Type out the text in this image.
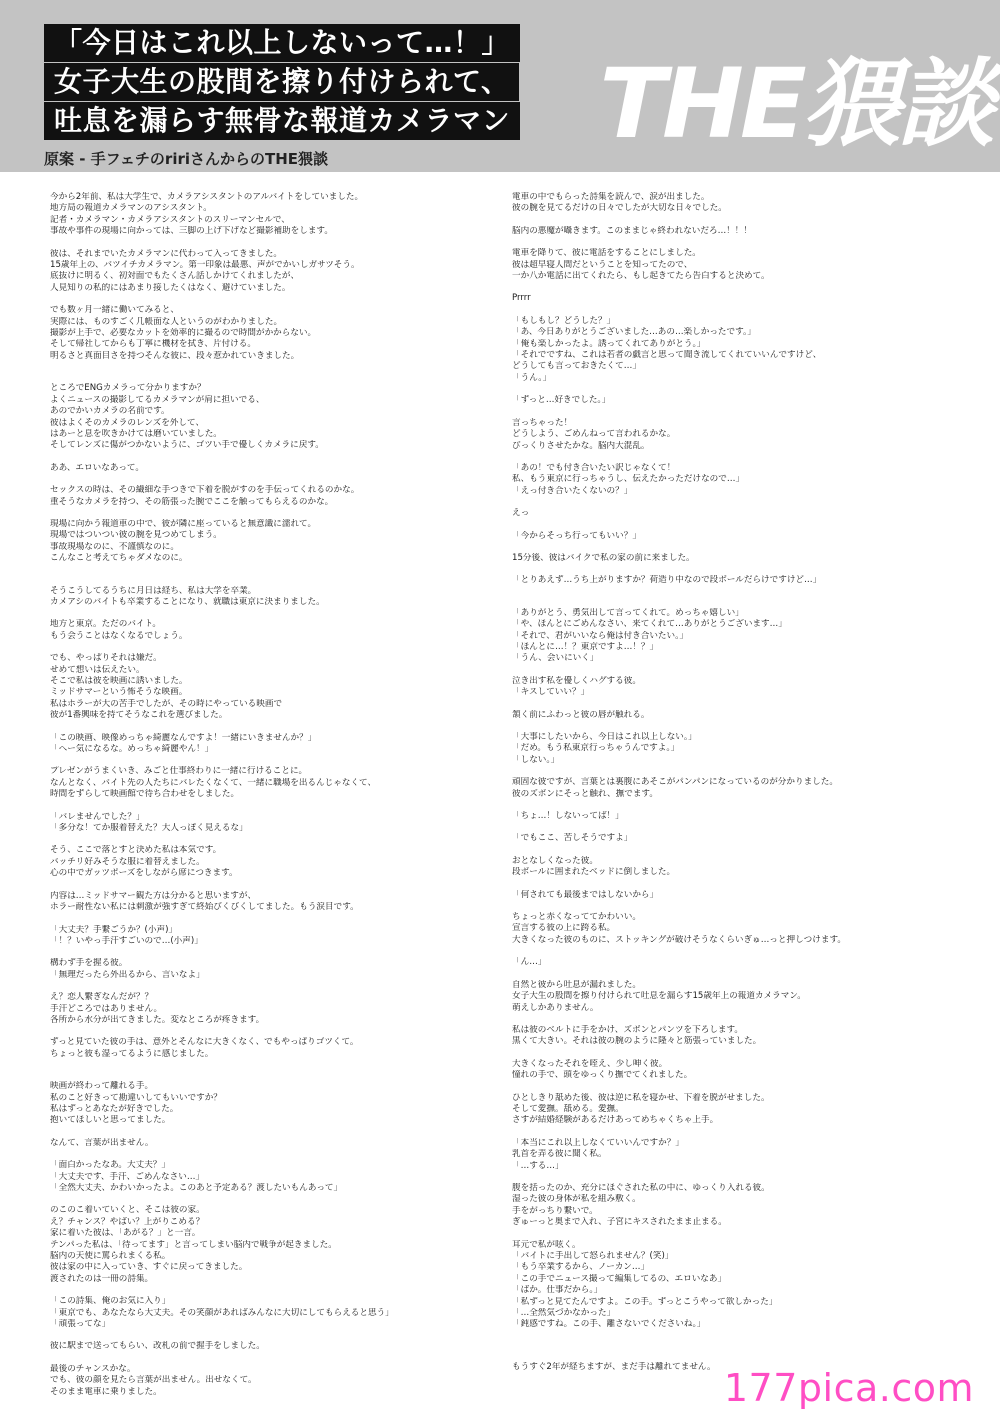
「今日はこれ以上しないって…！」
女子大生の股間を擦り付けられて、
吐息を漏らす無骨な報道カメラマン
原案 - 手フェチのririさんからのTHE猥談	THE猥談
今から2年前、私は大学生で、カメラアシスタントのアルバイトをしていました。
地方局の報道カメラマンのアシスタント。
記者・カメラマン・カメラアシスタントのスリーマンセルで、
事故や事件の現場に向かっては、三脚の上げ下げなど撮影補助をします。
彼は、それまでいたカメラマンに代わって入ってきました。
15歳年上の、バツイチカメラマン。第一印象は最悪、声がでかいしガサツそう。
底抜けに明るく、初対面でもたくさん話しかけてくれましたが、
人見知りの私的にはあまり接したくはなく、避けていました。
でも数ヶ月一緒に働いてみると、
実際には、ものすごく几帳面な人というのがわかりました。
撮影が上手で、必要なカットを効率的に撮るので時間がかからない。
そして帰社してからも丁寧に機材を拭き、片付ける。
明るさと真面目さを持つそんな彼に、段々惹かれていきました。
ところでENGカメラって分かりますか？
よくニュースの撮影してるカメラマンが肩に担いでる、
あのでかいカメラの名前です。
彼はよくそのカメラのレンズを外して、
はあーと息を吹きかけては磨いていました。
そしてレンズに傷がつかないように、ゴツい手で優しくカメラに戻す。
ああ、エロいなあって。
セックスの時は、その繊細な手つきで下着を脱がすのを手伝ってくれるのかな。
重そうなカメラを持つ、その筋張った腕でここを触ってもらえるのかな。
現場に向かう報道車の中で、彼が隣に座っていると無意識に濡れて。
現場ではついつい彼の腕を見つめてしまう。
事故現場なのに、不謹慎なのに。
こんなこと考えてちゃダメなのに。
そうこうしてるうちに月日は経ち、私は大学を卒業。
カメアシのバイトも卒業することになり、就職は東京に決まりました。
地方と東京。ただのバイト。
もう会うことはなくなるでしょう。
でも、やっぱりそれは嫌だ。
せめて想いは伝えたい。
そこで私は彼を映画に誘いました。
ミッドサマーという怖そうな映画。
私はホラーが大の苦手でしたが、その時にやっている映画で
彼が1番興味を持てそうなこれを選びました。
「この映画、映像めっちゃ綺麗なんですよ！一緒にいきませんか？」
「へー気になるな。めっちゃ綺麗やん！」
プレゼンがうまくいき、みごと仕事終わりに一緒に行けることに。
なんとなく、バイト先の人たちにバレたくなくて、一緒に職場を出るんじゃなくて、
時間をずらして映画館で待ち合わせをしました。
「バレませんでした？」
「多分な！てか服着替えた？大人っぽく見えるな」
そう、ここで落とすと決めた私は本気です。
バッチリ好みそうな服に着替えました。
心の中でガッツポーズをしながら席につきます。
内容は…ミッドサマー観た方は分かると思いますが、
ホラー耐性ない私には刺激が強すぎて終始びくびくしてました。もう涙目です。
「大丈夫？手繋ごうか？(小声)」
「！？いやっ手汗すごいので…(小声)」
構わず手を握る彼。
「無理だったら外出るから、言いなよ」
え？恋人繋ぎなんだが？？
手汗どころではありません。
各所から水分が出てきました。変なところが疼きます。
ずっと見ていた彼の手は、意外とそんなに大きくなく、でもやっぱりゴツくて。
ちょっと彼も湿ってるように感じました。
映画が終わって離れる手。
私のこと好きって勘違いしてもいいですか？
私はずっとあなたが好きでした。
抱いてほしいと思ってました。
なんて、言葉が出ません。
「面白かったなあ。大丈夫？」
「大丈夫です、手汗、ごめんなさい…」
「全然大丈夫、かわいかったよ。このあと予定ある？渡したいもんあって」
のこのこ着いていくと、そこは彼の家。
え？チャンス？やばい？上がりこめる？
家に着いた彼は、「あがる？」と一言。
テンパった私は、「待ってます」と言ってしまい脳内で戦争が起きました。
脳内の天使に罵られまくる私。
彼は家の中に入っていき、すぐに戻ってきました。
渡されたのは一冊の詩集。
「この詩集、俺のお気に入り」
「東京でも、あなたなら大丈夫。その笑顔があればみんなに大切にしてもらえると思う」
「頑張ってな」
彼に駅まで送ってもらい、改札の前で握手をしました。
最後のチャンスかな。
でも、彼の顔を見たら言葉が出ません。出せなくて。
そのまま電車に乗りました。
電車の中でもらった詩集を読んで、涙が出ました。
彼の腕を見てるだけの日々でしたが大切な日々でした。
脳内の悪魔が囁きます。このままじゃ終われないだろ…！！！
電車を降りて、彼に電話をすることにしました。
彼は超早寝人間だということを知ってたので、
一か八か電話に出てくれたら、もし起きてたら告白すると決めて。
Prrrr
「もしもし？どうした？」
「あ、今日ありがとうございました…あの…楽しかったです。」
「俺も楽しかったよ。誘ってくれてありがとう。」
「それでですね、これは若者の戯言と思って聞き流してくれていいんですけど、
どうしても言っておきたくて…」
「うん。」
「ずっと…好きでした。」
言っちゃった！
どうしよう、ごめんねって言われるかな。
びっくりさせたかな。脳内大混乱。
「あの！でも付き合いたい訳じゃなくて！
私、もう東京に行っちゃうし、伝えたかっただけなので…」
「えっ付き合いたくないの？」
えっ
「今からそっち行ってもいい？」
15分後、彼はバイクで私の家の前に来ました。
「とりあえず…うち上がりますか？荷造り中なので段ボールだらけですけど…」
「ありがとう、勇気出して言ってくれて。めっちゃ嬉しい」
「や、ほんとにごめんなさい、来てくれて…ありがとうございます…」
「それで、君がいいなら俺は付き合いたい。」
「ほんとに…！？東京ですよ…！？」
「うん、会いにいく」
泣き出す私を優しくハグする彼。
「キスしていい？」
頷く前にふわっと彼の唇が触れる。
「大事にしたいから、今日はこれ以上しない。」
「だめ。もう私東京行っちゃうんですよ。」
「しない。」
頑固な彼ですが、言葉とは裏腹にあそこがパンパンになっているのが分かりました。
彼のズボンにそっと触れ、撫でます。
「ちょ…！しないってば！」
「でもここ、苦しそうですよ」
おとなしくなった彼。
段ボールに囲まれたベッドに倒しました。
「何されても最後まではしないから」
ちょっと赤くなっててかわいい。
宣言する彼の上に跨る私。
大きくなった彼のものに、ストッキングが破けそうなくらいぎゅ…っと押しつけます。
「ん…」
自然と彼から吐息が漏れました。
女子大生の股間を擦り付けられて吐息を漏らす15歳年上の報道カメラマン。
萌えしかありません。
私は彼のベルトに手をかけ、ズボンとパンツを下ろします。
黒くて大きい。それは彼の腕のように隆々と筋張っていました。
大きくなったそれを咥え、少し呻く彼。
憧れの手で、頭をゆっくり撫でてくれました。
ひとしきり舐めた後、彼は逆に私を寝かせ、下着を脱がせました。
そして愛撫。舐める。愛撫。
さすが結婚経験があるだけあってめちゃくちゃ上手。
「本当にこれ以上しなくていいんですか？」
乳首を弄る彼に聞く私。
「…する…」
腹を括ったのか、充分にほぐされた私の中に、ゆっくり入れる彼。
湿った彼の身体が私を組み敷く。
手をがっちり繋いで。
ぎゅーっと奥まで入れ、子宮にキスされたまま止まる。
耳元で私が呟く。
「バイトに手出して怒られません？(笑)」
「もう卒業するから、ノーカン…」
「この手でニュース撮って編集してるの、エロいなあ」
「ばか。仕事だから。」
「私ずっと見てたんですよ。この手。ずっとこうやって欲しかった」
「…全然気づかなかった」
「鈍感ですね。この手、離さないでくださいね。」
もうすぐ2年が経ちますが、まだ手は離れてません。 177pica.com
